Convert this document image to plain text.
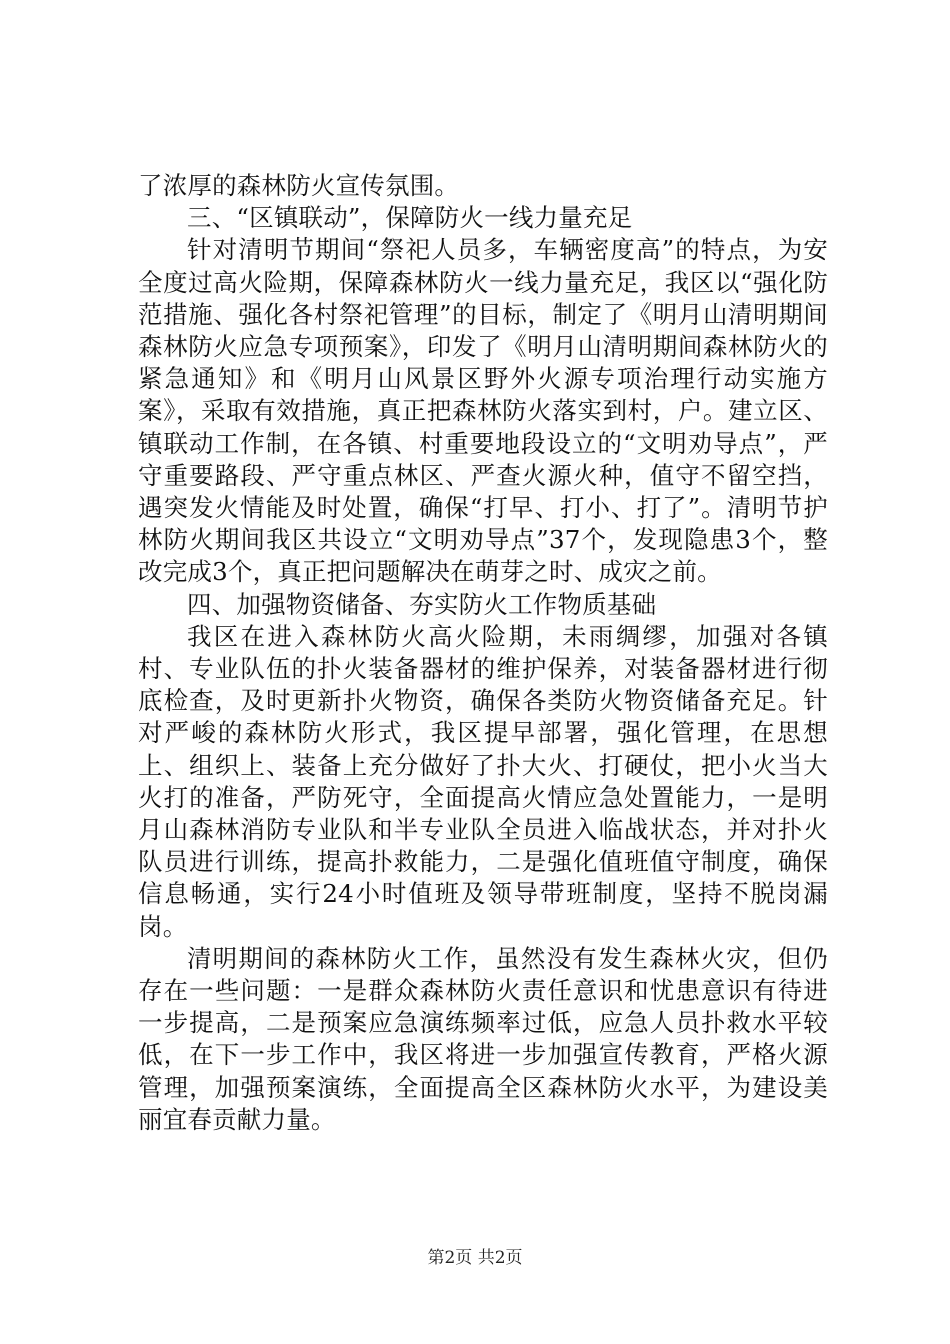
了浓厚的森林防火宣传氛围。

三、“区镇联动”，保障防火一线力量充足

针对清明节期间“祭祀人员多，车辆密度高”的特点，为安全度过高火险期，保障森林防火一线力量充足，我区以“强化防范措施、强化各村祭祀管理”的目标，制定了《明月山清明期间森林防火应急专项预案》，印发了《明月山清明期间森林防火的紧急通知》和《明月山风景区野外火源专项治理行动实施方案》，采取有效措施，真正把森林防火落实到村，户。建立区、镇联动工作制，在各镇、村重要地段设立的“文明劝导点”，严守重要路段、严守重点林区、严查火源火种，值守不留空挡，遇突发火情能及时处置，确保“打早、打小、打了”。清明节护林防火期间我区共设立“文明劝导点”37个，发现隐患3个，整改完成3个，真正把问题解决在萌芽之时、成灾之前。

四、加强物资储备、夯实防火工作物质基础

我区在进入森林防火高火险期，未雨绸缪，加强对各镇村、专业队伍的扑火装备器材的维护保养，对装备器材进行彻底检查，及时更新扑火物资，确保各类防火物资储备充足。针对严峻的森林防火形式，我区提早部署，强化管理，在思想上、组织上、装备上充分做好了扑大火、打硬仗，把小火当大火打的准备，严防死守，全面提高火情应急处置能力，一是明月山森林消防专业队和半专业队全员进入临战状态，并对扑火队员进行训练，提高扑救能力，二是强化值班值守制度，确保信息畅通，实行24小时值班及领导带班制度，坚持不脱岗漏岗。

清明期间的森林防火工作，虽然没有发生森林火灾，但仍存在一些问题：一是群众森林防火责任意识和忧患意识有待进一步提高，二是预案应急演练频率过低，应急人员扑救水平较低，在下一步工作中，我区将进一步加强宣传教育，严格火源管理，加强预案演练，全面提高全区森林防火水平，为建设美丽宜春贡献力量。

第2页 共2页
